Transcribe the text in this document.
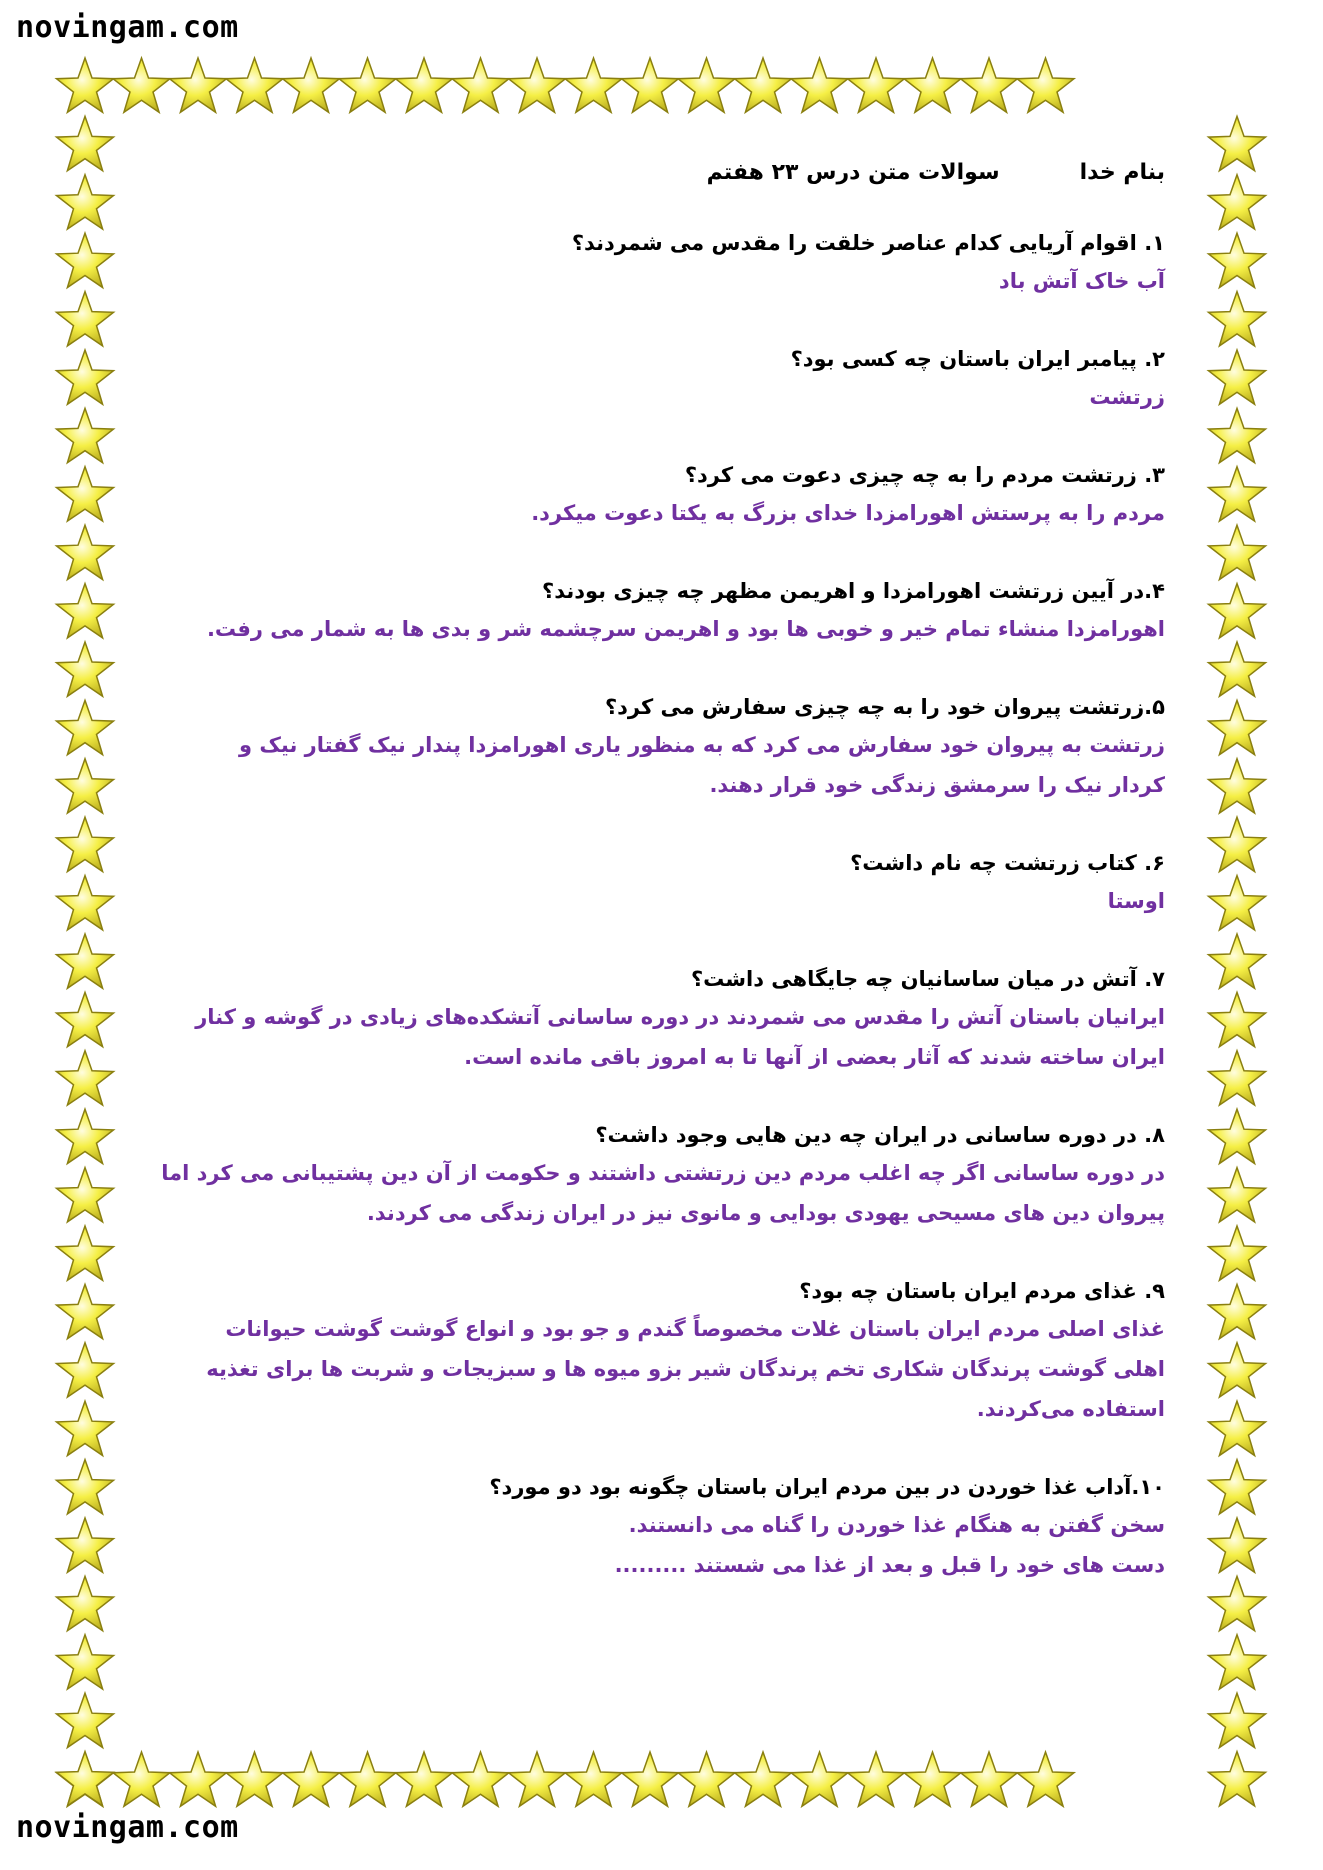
novingam.com
novingam.com
بنام خدا
سوالات متن درس ۲۳ هفتم
۱. اقوام آریایی کدام عناصر خلقت را مقدس می شمردند؟
آب خاک آتش باد
۲. پیامبر ایران باستان چه کسی بود؟
زرتشت
۳. زرتشت مردم را به چه چیزی دعوت می کرد؟
مردم را به پرستش اهورامزدا خدای بزرگ به یکتا دعوت میکرد.
۴.در آیین زرتشت اهورامزدا و اهریمن مظهر چه چیزی بودند؟
اهورامزدا منشاء تمام خیر و خوبی ها بود و اهریمن سرچشمه شر و بدی ها به شمار می رفت.
۵.زرتشت پیروان خود را به چه چیزی سفارش می کرد؟
زرتشت به پیروان خود سفارش می کرد که به منظور یاری اهورامزدا پندار نیک گفتار نیک و
کردار نیک را سرمشق زندگی خود قرار دهند.
۶. کتاب زرتشت چه نام داشت؟
اوستا
۷. آتش در میان ساسانیان چه جایگاهی داشت؟
ایرانیان باستان آتش را مقدس می شمردند در دوره ساسانی آتشکده‌های زیادی در گوشه و کنار
ایران ساخته شدند که آثار بعضی از آنها تا به امروز باقی مانده است.
۸. در دوره ساسانی در ایران چه دین هایی وجود داشت؟
در دوره ساسانی اگر چه اغلب مردم دین زرتشتی داشتند و حکومت از آن دین پشتیبانی می کرد اما
پیروان دین های مسیحی یهودی بودایی و مانوی نیز در ایران زندگی می کردند.
۹. غذای مردم ایران باستان چه بود؟
غذای اصلی مردم ایران باستان غلات مخصوصاً گندم و جو بود و انواع گوشت گوشت حیوانات
اهلی گوشت پرندگان شکاری تخم پرندگان شیر بزو میوه ها و سبزیجات و شربت ها برای تغذیه
استفاده می‌کردند.
۱۰.آداب غذا خوردن در بین مردم ایران باستان چگونه بود دو مورد؟
سخن گفتن به هنگام غذا خوردن را گناه می دانستند.
دست های خود را قبل و بعد از غذا می شستند .........
